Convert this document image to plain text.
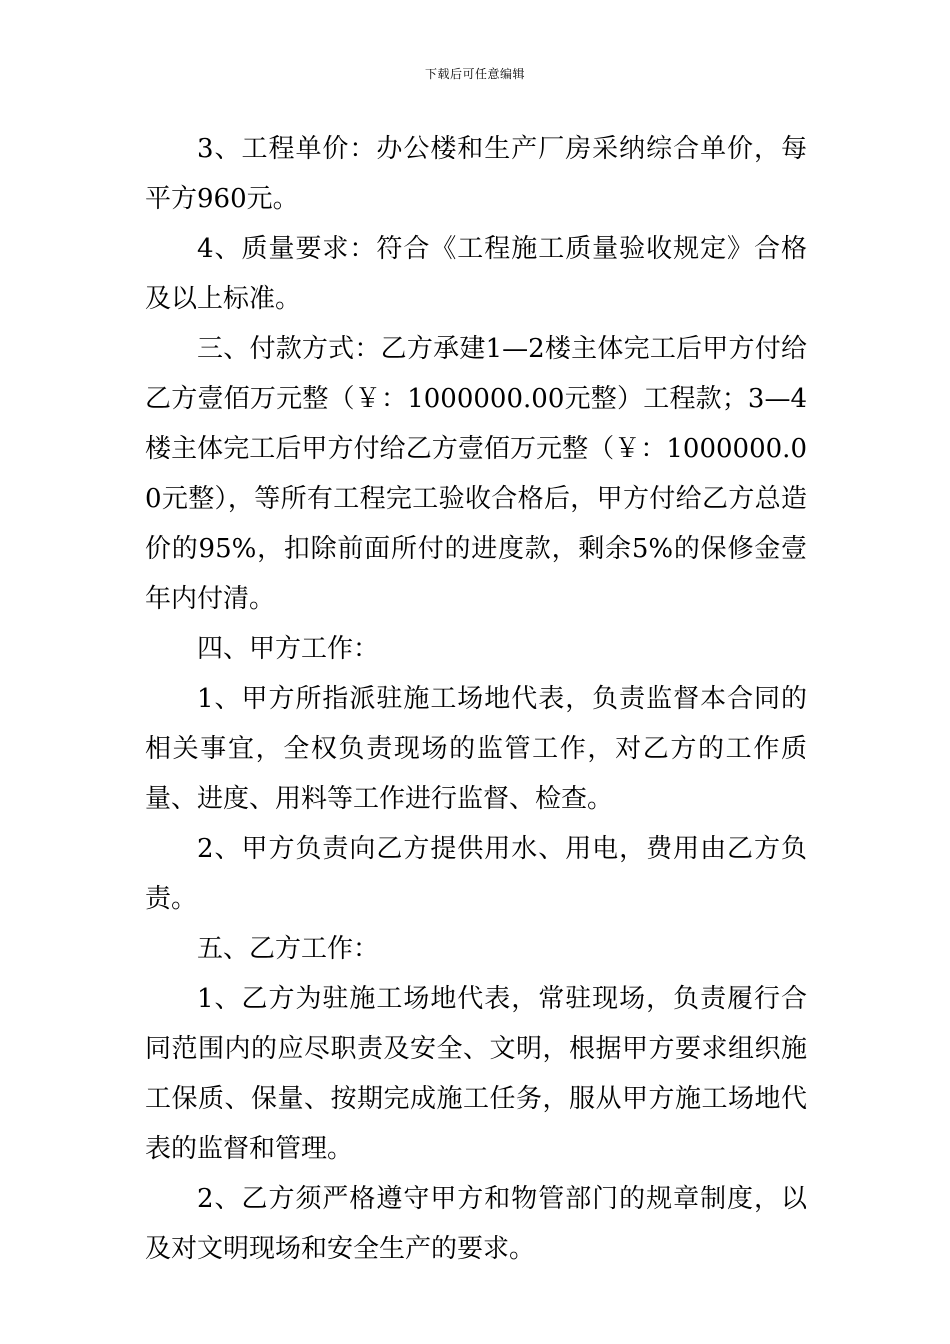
下载后可任意编辑

3、工程单价：办公楼和生产厂房采纳综合单价，每平方960元。

4、质量要求：符合《工程施工质量验收规定》合格及以上标准。

三、付款方式：乙方承建1—2楼主体完工后甲方付给乙方壹佰万元整（￥：1000000.00元整）工程款；3—4楼主体完工后甲方付给乙方壹佰万元整（￥：1000000.00元整），等所有工程完工验收合格后，甲方付给乙方总造价的95%，扣除前面所付的进度款，剩余5%的保修金壹年内付清。

四、甲方工作：

1、甲方所指派驻施工场地代表，负责监督本合同的相关事宜，全权负责现场的监管工作，对乙方的工作质量、进度、用料等工作进行监督、检查。

2、甲方负责向乙方提供用水、用电，费用由乙方负责。

五、乙方工作：

1、乙方为驻施工场地代表，常驻现场，负责履行合同范围内的应尽职责及安全、文明，根据甲方要求组织施工保质、保量、按期完成施工任务，服从甲方施工场地代表的监督和管理。

2、乙方须严格遵守甲方和物管部门的规章制度，以及对文明现场和安全生产的要求。
